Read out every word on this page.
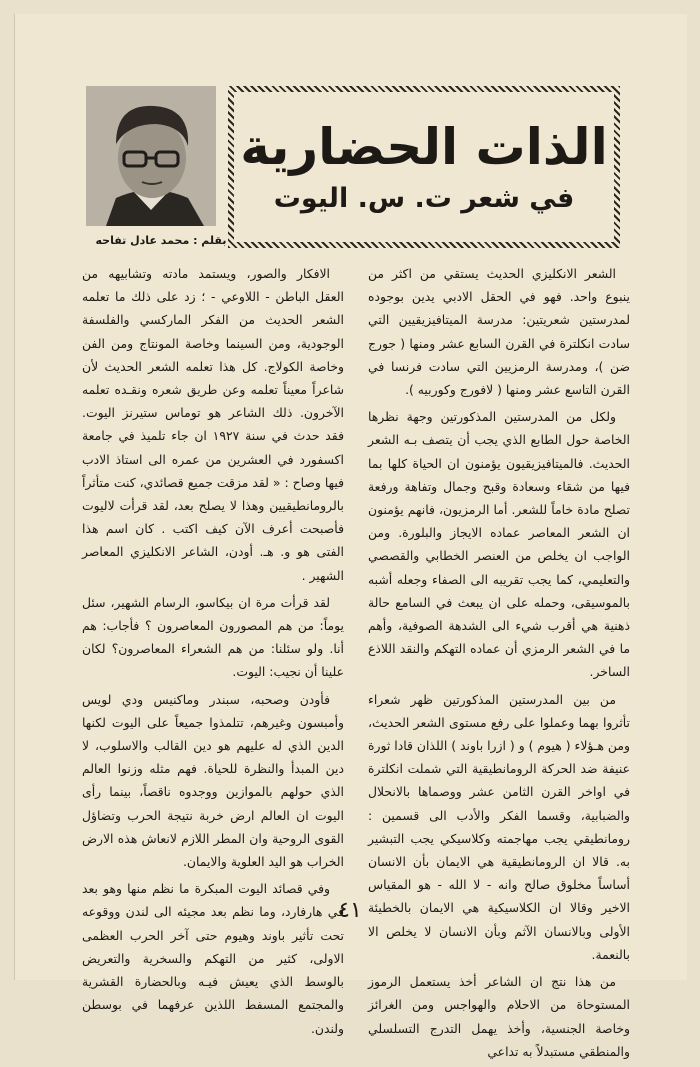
الذات الحضارية
في شعر ت. س. اليوت
بقلم : محمد عادل تفاحه

الشعر الانكليزي الحديث يستقي من اكثر من ينبوع واحد. فهو في الحقل الادبي يدين بوجوده لمدرستين شعريتين: مدرسة الميتافيزيقيين التي سادت انكلترة في القرن السابع عشر ومنها ( جورج ضن )، ومدرسة الرمزيين التي سادت فرنسا في القرن التاسع عشر ومنها ( لافورج وكوربيه ).

ولكل من المدرستين المذكورتين وجهة نظرها الخاصة حول الطابع الذي يجب أن يتصف بـه الشعر الحديث. فالميتافيزيقيون يؤمنون ان الحياة كلها بما فيها من شقاء وسعادة وقبح وجمال وتفاهة ورفعة تصلح مادة خاماً للشعر. أما الرمزيون، فانهم يؤمنون ان الشعر المعاصر عماده الايجاز والبلورة. ومن الواجب ان يخلص من العنصر الخطابي والقصصي والتعليمي، كما يجب تقريبه الى الصفاء وجعله أشبه بالموسيقى، وحمله على ان يبعث في السامع حالة ذهنية هي أقرب شيء الى الشدهة الصوفية، وأهم ما في الشعر الرمزي أن عماده التهكم والنقد اللاذع الساخر.

من بين المدرستين المذكورتين ظهر شعراء تأثروا بهما وعملوا على رفع مستوى الشعر الحديث، ومن هـؤلاء ( هيوم ) و ( ازرا باوند ) اللذان قادا ثورة عنيفة ضد الحركة الرومانطيقية التي شملت انكلترة في اواخر القرن الثامن عشر ووصماها بالانحلال والضبابية، وقسما الفكر والأدب الى قسمين : رومانطيقي يجب مهاجمته وكلاسيكي يجب التبشير به. قالا ان الرومانطيقية هي الايمان بأن الانسان أساساً مخلوق صالح وانه - لا الله - هو المقياس الاخير وقالا ان الكلاسيكية هي الايمان بالخطيئة الأولى وبالانسان الآثم وبأن الانسان لا يخلص الا بالنعمة.

من هذا نتج ان الشاعر أخذ يستعمل الرموز المستوحاة من الاحلام والهواجس ومن الغرائز وخاصة الجنسية، وأخذ يهمل التدرج التسلسلي والمنطقي مستبدلاً به تداعي

الافكار والصور، ويستمد مادته وتشابيهه من العقل الباطن - اللاوعي - ؛ زد على ذلك ما تعلمه الشعر الحديث من الفكر الماركسي والفلسفة الوجودية، ومن السينما وخاصة المونتاج ومن الفن وخاصة الكولاج. كل هذا تعلمه الشعر الحديث لأن شاعراً معيناً تعلمه وعن طريق شعره ونقـده تعلمه الآخرون. ذلك الشاعر هو توماس ستيرنز اليوت. فقد حدث في سنة ١٩٢٧ ان جاء تلميذ في جامعة اكسفورد في العشرين من عمره الى استاذ الادب فيها وصاح : « لقد مزقت جميع قصائدي، كنت متأثراً بالرومانطيقيين وهذا لا يصلح بعد، لقد قرأت لاليوت فأصبحت أعرف الآن كيف اكتب . كان اسم هذا الفتى هو و. هـ. أودن، الشاعر الانكليزي المعاصر الشهير .

لقد قرأت مرة ان بيكاسو، الرسام الشهير، سئل يوماً: من هم المصورون المعاصرون ؟ فأجاب: هم أنا. ولو سئلنا: من هم الشعراء المعاصرون؟ لكان علينا أن نجيب: اليوت.

فأودن وصحبه، سبندر وماكنيس ودي لويس وأمبسون وغيرهم، تتلمذوا جميعاً على اليوت لكنها الدين الذي له عليهم هو دين القالب والاسلوب، لا دين المبدأ والنظرة للحياة. فهم مثله وزنوا العالم الذي حولهم بالموازين ووجدوه ناقصاً، بينما رأى اليوت ان العالم ارض خربة نتيجة الحرب وتضاؤل القوى الروحية وان المطر اللازم لانعاش هذه الارض الخراب هو اليد العلوية والايمان.

وفي قصائد اليوت المبكرة ما نظم منها وهو بعد في هارفارد، وما نظم بعد مجيئه الى لندن ووقوعه تحت تأثير باوند وهيوم حتى آخر الحرب العظمى الاولى، كثير من التهكم والسخرية والتعريض بالوسط الذي يعيش فيـه وبالحضارة القشرية والمجتمع المسفط اللذين عرفهما في بوسطن ولندن.

٤١
